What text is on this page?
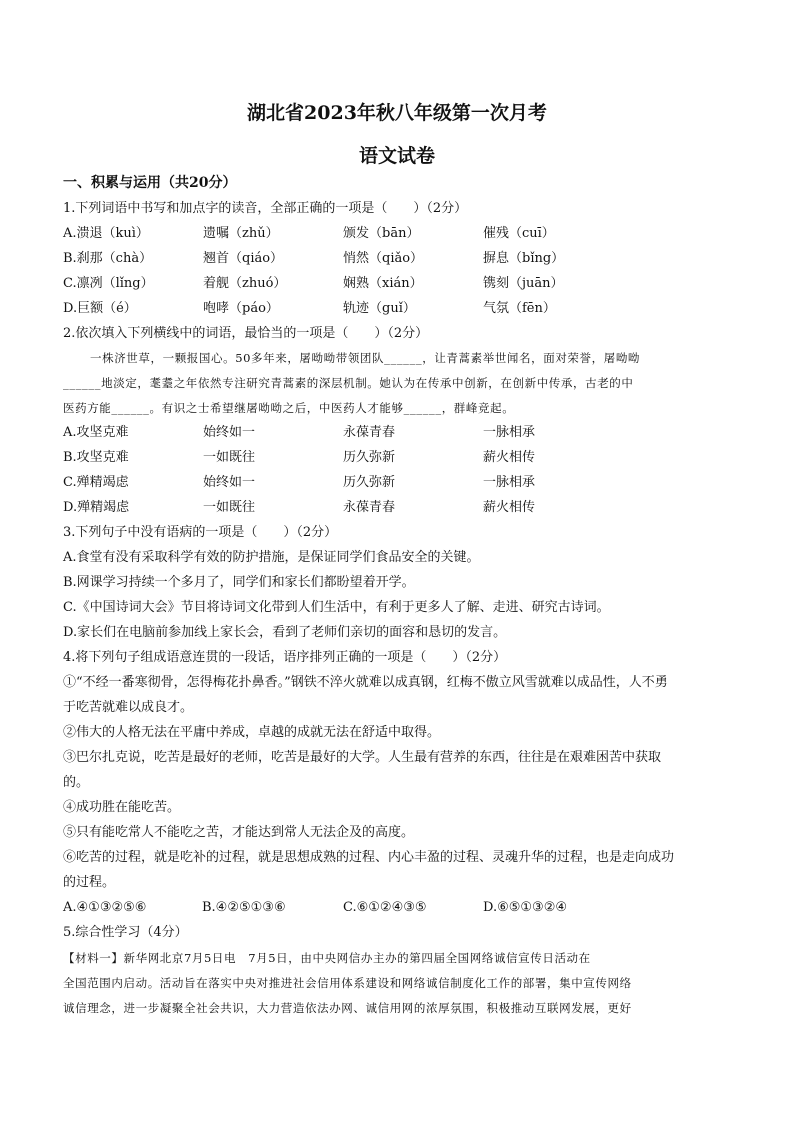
湖北省2023年秋八年级第一次月考
语文试卷
一、积累与运用（共20分）
1.下列词语中书写和加点字的读音，全部正确的一项是（　　）（2分）
A.溃退（kuì）	遗嘱（zhǔ）	颁发（bān）	催残（cuī）
B.刹那（chà）	翘首（qiáo）	悄然（qiǎo）	摒息（bǐng）
C.凛冽（lǐng）	着舰（zhuó）	娴熟（xián）	镌刻（juān）
D.巨额（é）	咆哮（páo）	轨迹（guǐ）	气氛（fēn）
2.依次填入下列横线中的词语，最恰当的一项是（　　）（2分）
一株济世草，一颗报国心。50多年来，屠呦呦带领团队______，让青蒿素举世闻名，面对荣誉，屠呦呦
______地淡定，耄耋之年依然专注研究青蒿素的深层机制。她认为在传承中创新，在创新中传承，古老的中
医药方能______。有识之士希望继屠呦呦之后，中医药人才能够______，群峰竞起。
A.攻坚克难	始终如一	永葆青春	一脉相承
B.攻坚克难	一如既往	历久弥新	薪火相传
C.殚精竭虑	始终如一	历久弥新	一脉相承
D.殚精竭虑	一如既往	永葆青春	薪火相传
3.下列句子中没有语病的一项是（　　）（2分）
A.食堂有没有采取科学有效的防护措施，是保证同学们食品安全的关键。
B.网课学习持续一个多月了，同学们和家长们都盼望着开学。
C.《中国诗词大会》节目将诗词文化带到人们生活中，有利于更多人了解、走进、研究古诗词。
D.家长们在电脑前参加线上家长会，看到了老师们亲切的面容和恳切的发言。
4.将下列句子组成语意连贯的一段话，语序排列正确的一项是（　　）（2分）
①“不经一番寒彻骨，怎得梅花扑鼻香。”钢铁不淬火就难以成真钢，红梅不傲立风雪就难以成品性，人不勇
于吃苦就难以成良才。
②伟大的人格无法在平庸中养成，卓越的成就无法在舒适中取得。
③巴尔扎克说，吃苦是最好的老师，吃苦是最好的大学。人生最有营养的东西，往往是在艰难困苦中获取
的。
④成功胜在能吃苦。
⑤只有能吃常人不能吃之苦，才能达到常人无法企及的高度。
⑥吃苦的过程，就是吃补的过程，就是思想成熟的过程、内心丰盈的过程、灵魂升华的过程，也是走向成功
的过程。
A.④①③②⑤⑥	B.④②⑤①③⑥	C.⑥①②④③⑤	D.⑥⑤①③②④
5.综合性学习（4分）
【材料一】新华网北京7月5日电　7月5日，由中央网信办主办的第四届全国网络诚信宣传日活动在
全国范围内启动。活动旨在落实中央对推进社会信用体系建设和网络诚信制度化工作的部署，集中宣传网络
诚信理念，进一步凝聚全社会共识，大力营造依法办网、诚信用网的浓厚氛围，积极推动互联网发展，更好
